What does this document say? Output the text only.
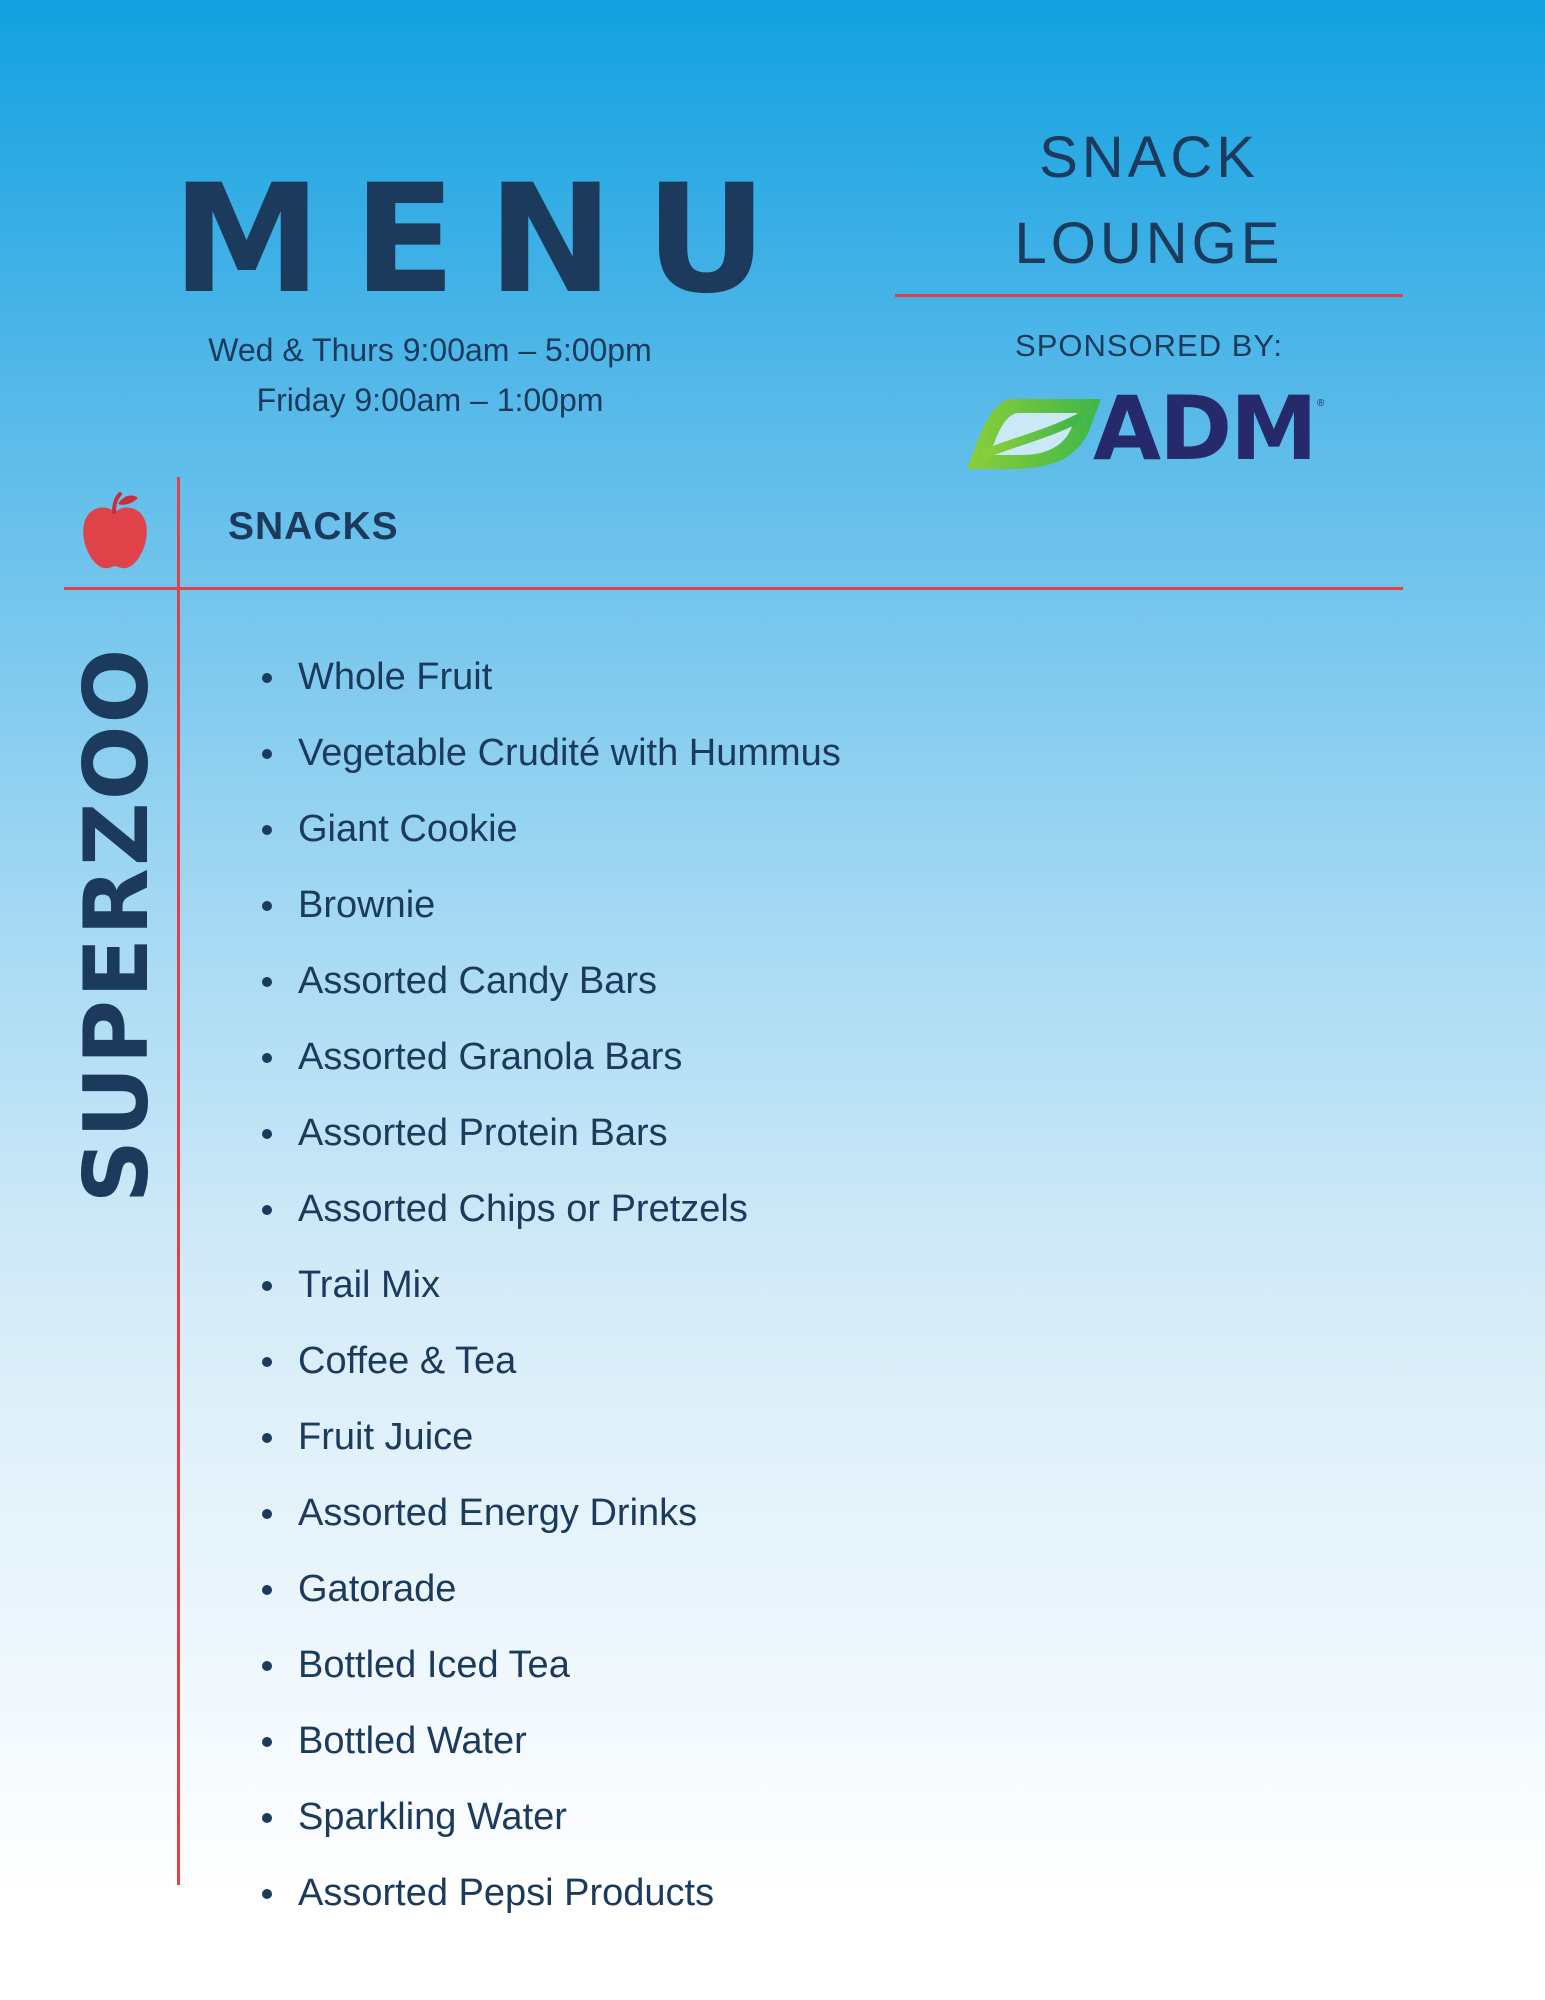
MENU
Wed & Thurs 9:00am – 5:00pm
Friday 9:00am – 1:00pm
SNACK
LOUNGE
SPONSORED BY:
ADM ®
SNACKS
SUPERZOO	Whole Fruit
Vegetable Crudité with Hummus
Giant Cookie
Brownie
Assorted Candy Bars
Assorted Granola Bars
Assorted Protein Bars
Assorted Chips or Pretzels
Trail Mix
Coffee & Tea
Fruit Juice
Assorted Energy Drinks
Gatorade
Bottled Iced Tea
Bottled Water
Sparkling Water
Assorted Pepsi Products
